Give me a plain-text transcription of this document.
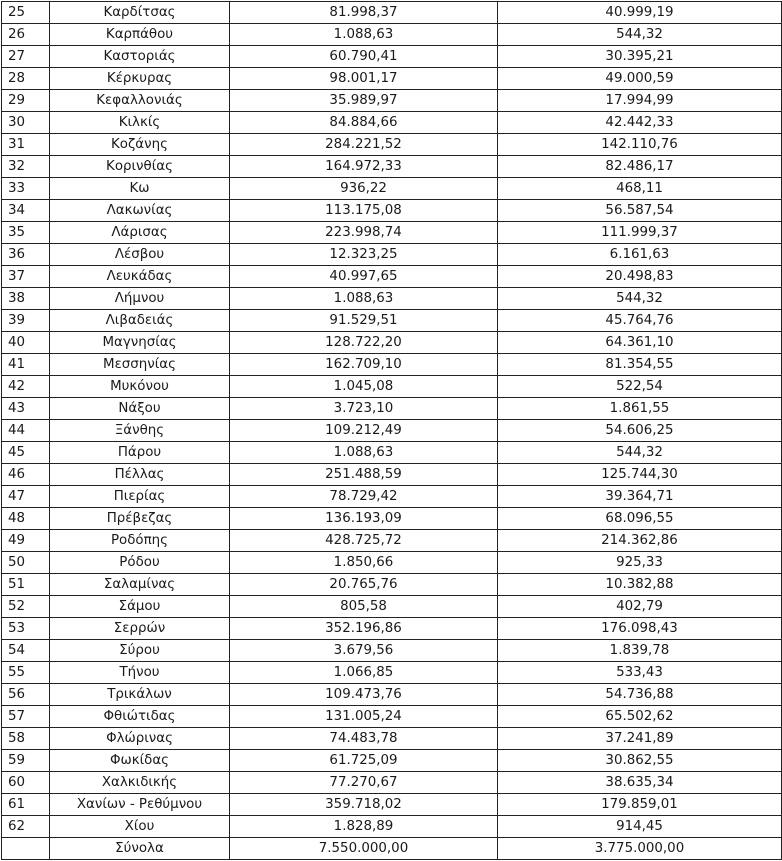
25	Καρδίτσας	81.998,37	40.999,19
26	Καρπάθου	1.088,63	544,32
27	Καστοριάς	60.790,41	30.395,21
28	Κέρκυρας	98.001,17	49.000,59
29	Κεφαλλονιάς	35.989,97	17.994,99
30	Κιλκίς	84.884,66	42.442,33
31	Κοζάνης	284.221,52	142.110,76
32	Κορινθίας	164.972,33	82.486,17
33	Κω	936,22	468,11
34	Λακωνίας	113.175,08	56.587,54
35	Λάρισας	223.998,74	111.999,37
36	Λέσβου	12.323,25	6.161,63
37	Λευκάδας	40.997,65	20.498,83
38	Λήμνου	1.088,63	544,32
39	Λιβαδειάς	91.529,51	45.764,76
40	Μαγνησίας	128.722,20	64.361,10
41	Μεσσηνίας	162.709,10	81.354,55
42	Μυκόνου	1.045,08	522,54
43	Νάξου	3.723,10	1.861,55
44	Ξάνθης	109.212,49	54.606,25
45	Πάρου	1.088,63	544,32
46	Πέλλας	251.488,59	125.744,30
47	Πιερίας	78.729,42	39.364,71
48	Πρέβεζας	136.193,09	68.096,55
49	Ροδόπης	428.725,72	214.362,86
50	Ρόδου	1.850,66	925,33
51	Σαλαμίνας	20.765,76	10.382,88
52	Σάμου	805,58	402,79
53	Σερρών	352.196,86	176.098,43
54	Σύρου	3.679,56	1.839,78
55	Τήνου	1.066,85	533,43
56	Τρικάλων	109.473,76	54.736,88
57	Φθιώτιδας	131.005,24	65.502,62
58	Φλώρινας	74.483,78	37.241,89
59	Φωκίδας	61.725,09	30.862,55
60	Χαλκιδικής	77.270,67	38.635,34
61	Χανίων - Ρεθύμνου	359.718,02	179.859,01
62	Χίου	1.828,89	914,45
	Σύνολα	7.550.000,00	3.775.000,00
